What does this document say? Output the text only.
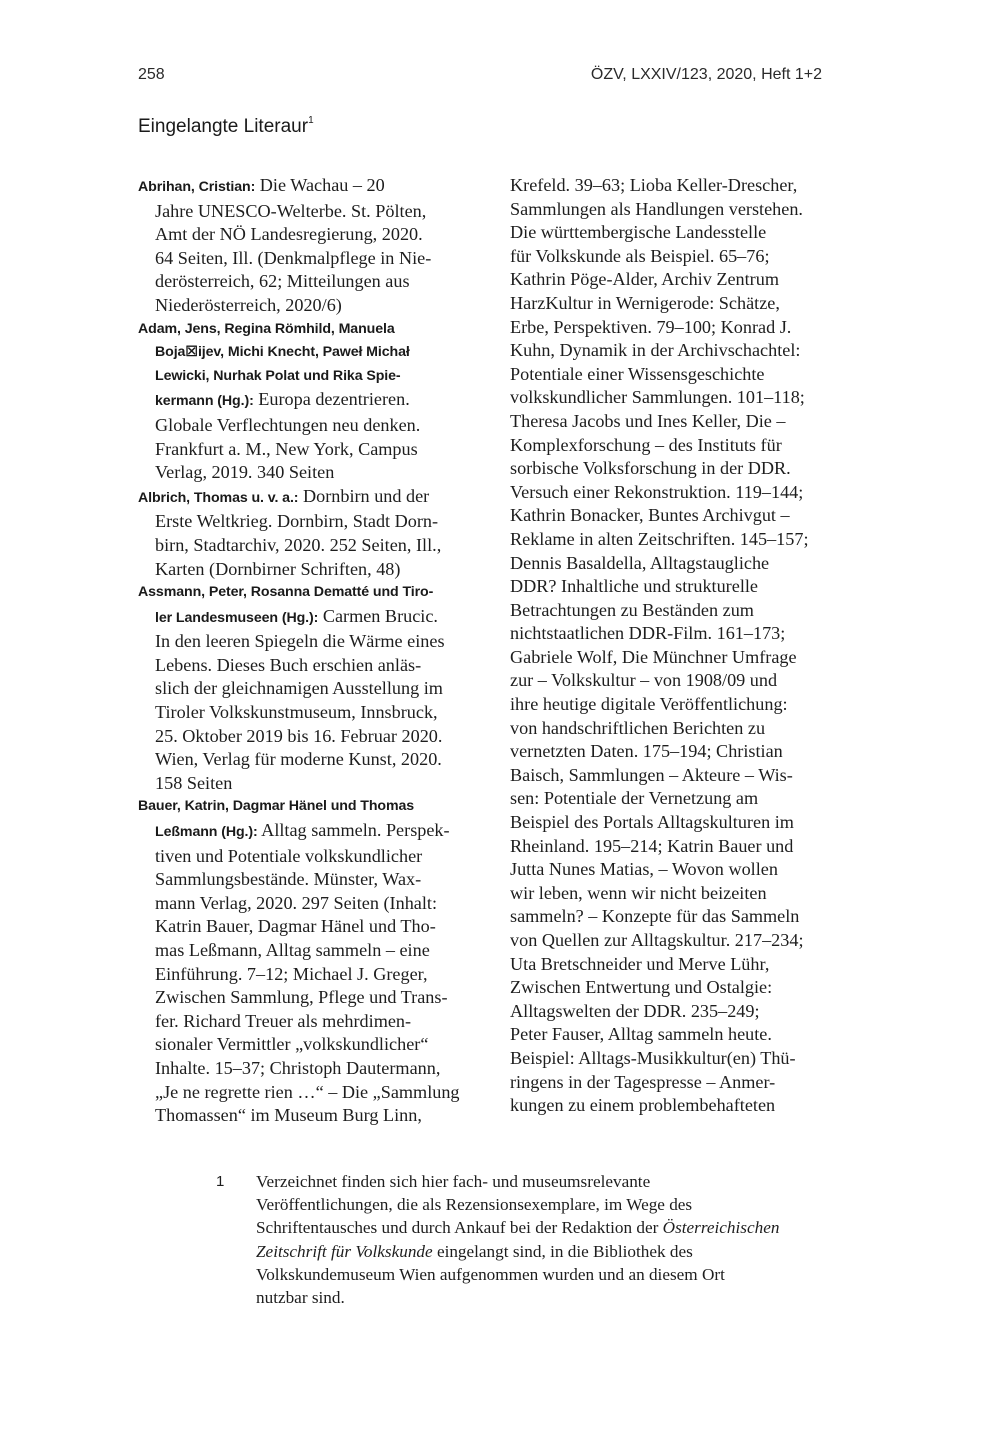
258	ÖZV, LXXIV/123, 2020, Heft 1+2
Eingelangte Literaur$^1$
Abrihan, Cristian: Die Wachau – 20
Jahre UNESCO-Welterbe. St. Pölten,
Amt der NÖ Landesregierung, 2020.
64 Seiten, Ill. (Denkmalpflege in Nie-
derösterreich, 62; Mitteilungen aus
Niederösterreich, 2020/6)
Adam, Jens, Regina Römhild, Manuela
Boja☒ijev, Michi Knecht, Paweł Michał
Lewicki, Nurhak Polat und Rika Spie-
kermann (Hg.): Europa dezentrieren.
Globale Verflechtungen neu denken.
Frankfurt a. M., New York, Campus
Verlag, 2019. 340 Seiten
Albrich, Thomas u. v. a.: Dornbirn und der
Erste Weltkrieg. Dornbirn, Stadt Dorn-
birn, Stadtarchiv, 2020. 252 Seiten, Ill.,
Karten (Dornbirner Schriften, 48)
Assmann, Peter, Rosanna Dematté und Tiro-
ler Landesmuseen (Hg.): Carmen Brucic.
In den leeren Spiegeln die Wärme eines
Lebens. Dieses Buch erschien anläs-
slich der gleichnamigen Ausstellung im
Tiroler Volkskunstmuseum, Innsbruck,
25. Oktober 2019 bis 16. Februar 2020.
Wien, Verlag für moderne Kunst, 2020.
158 Seiten
Bauer, Katrin, Dagmar Hänel und Thomas
Leßmann (Hg.): Alltag sammeln. Perspek-
tiven und Potentiale volkskundlicher
Sammlungsbestände. Münster, Wax-
mann Verlag, 2020. 297 Seiten (Inhalt:
Katrin Bauer, Dagmar Hänel und Tho-
mas Leßmann, Alltag sammeln – eine
Einführung. 7–12; Michael J. Greger,
Zwischen Sammlung, Pflege und Trans-
fer. Richard Treuer als mehrdimen-
sionaler Vermittler „volkskundlicher“
Inhalte. 15–37; Christoph Dautermann,
„Je ne regrette rien …“ – Die „Sammlung
Thomassen“ im Museum Burg Linn,
Krefeld. 39–63; Lioba Keller-Drescher,
Sammlungen als Handlungen verstehen.
Die württembergische Landesstelle
für Volkskunde als Beispiel. 65–76;
Kathrin Pöge-Alder, Archiv Zentrum
HarzKultur in Wernigerode: Schätze,
Erbe, Perspektiven. 79–100; Konrad J.
Kuhn, Dynamik in der Archivschachtel:
Potentiale einer Wissensgeschichte
volkskundlicher Sammlungen. 101–118;
Theresa Jacobs und Ines Keller, Die –
Komplexforschung – des Instituts für
sorbische Volksforschung in der DDR.
Versuch einer Rekonstruktion. 119–144;
Kathrin Bonacker, Buntes Archivgut –
Reklame in alten Zeitschriften. 145–157;
Dennis Basaldella, Alltagstaugliche
DDR? Inhaltliche und strukturelle
Betrachtungen zu Beständen zum
nichtstaatlichen DDR-Film. 161–173;
Gabriele Wolf, Die Münchner Umfrage
zur – Volkskultur – von 1908/09 und
ihre heutige digitale Veröffentlichung:
von handschriftlichen Berichten zu
vernetzten Daten. 175–194; Christian
Baisch, Sammlungen – Akteure – Wis-
sen: Potentiale der Vernetzung am
Beispiel des Portals Alltagskulturen im
Rheinland. 195–214; Katrin Bauer und
Jutta Nunes Matias, – Wovon wollen
wir leben, wenn wir nicht beizeiten
sammeln? – Konzepte für das Sammeln
von Quellen zur Alltagskultur. 217–234;
Uta Bretschneider und Merve Lühr,
Zwischen Entwertung und Ostalgie:
Alltagswelten der DDR. 235–249;
Peter Fauser, Alltag sammeln heute.
Beispiel: Alltags-Musikkultur(en) Thü-
ringens in der Tagespresse – Anmer-
kungen zu einem problembehafteten
1 Verzeichnet finden sich hier fach- und museumsrelevante
Veröffentlichungen, die als Rezensionsexemplare, im Wege des
Schriftentausches und durch Ankauf bei der Redaktion der Österreichischen
Zeitschrift für Volkskunde eingelangt sind, in die Bibliothek des
Volkskundemuseum Wien aufgenommen wurden und an diesem Ort
nutzbar sind.
